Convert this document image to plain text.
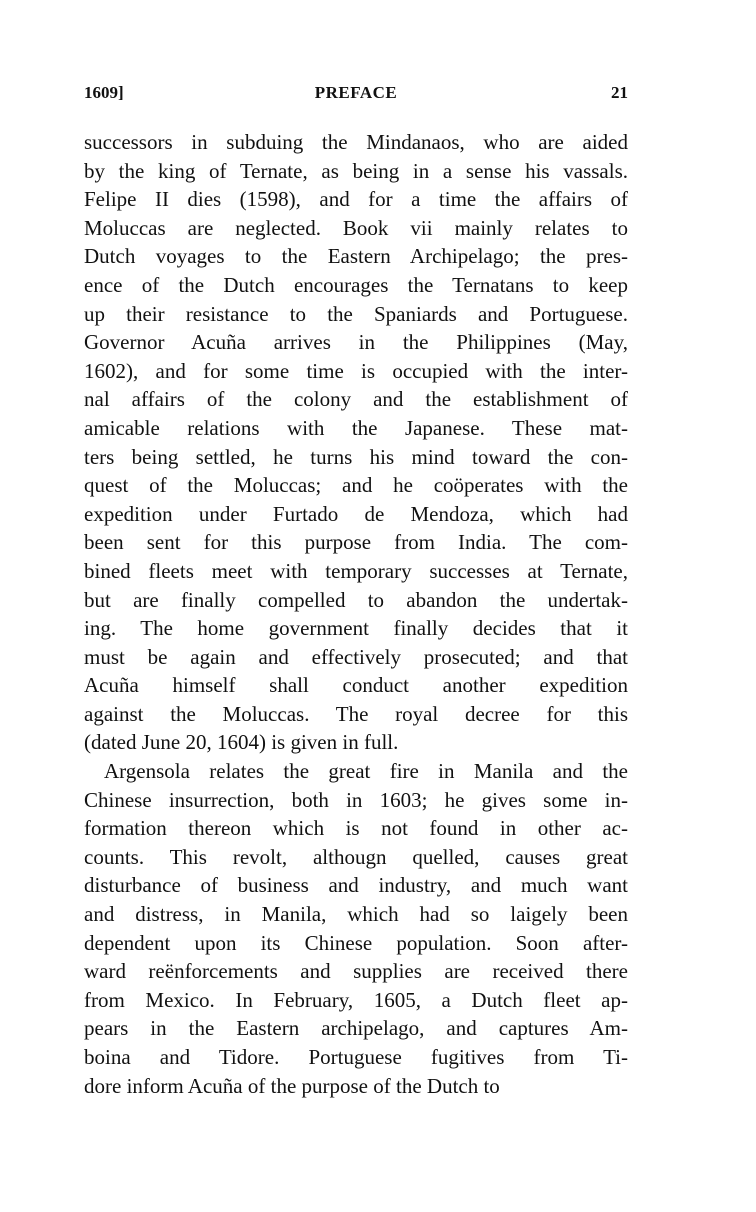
1609]	PREFACE	21
successors in subduing the Mindanaos, who are aided
by the king of Ternate, as being in a sense his vassals.
Felipe II dies (1598), and for a time the affairs of
Moluccas are neglected. Book vii mainly relates to
Dutch voyages to the Eastern Archipelago; the pres-
ence of the Dutch encourages the Ternatans to keep
up their resistance to the Spaniards and Portuguese.
Governor Acuña arrives in the Philippines (May,
1602), and for some time is occupied with the inter-
nal affairs of the colony and the establishment of
amicable relations with the Japanese. These mat-
ters being settled, he turns his mind toward the con-
quest of the Moluccas; and he coöperates with the
expedition under Furtado de Mendoza, which had
been sent for this purpose from India. The com-
bined fleets meet with temporary successes at Ternate,
but are finally compelled to abandon the undertak-
ing. The home government finally decides that it
must be again and effectively prosecuted; and that
Acuña himself shall conduct another expedition
against the Moluccas. The royal decree for this
(dated June 20, 1604) is given in full.
Argensola relates the great fire in Manila and the
Chinese insurrection, both in 1603; he gives some in-
formation thereon which is not found in other ac-
counts. This revolt, althougn quelled, causes great
disturbance of business and industry, and much want
and distress, in Manila, which had so laigely been
dependent upon its Chinese population. Soon after-
ward reënforcements and supplies are received there
from Mexico. In February, 1605, a Dutch fleet ap-
pears in the Eastern archipelago, and captures Am-
boina and Tidore. Portuguese fugitives from Ti-
dore inform Acuña of the purpose of the Dutch to
